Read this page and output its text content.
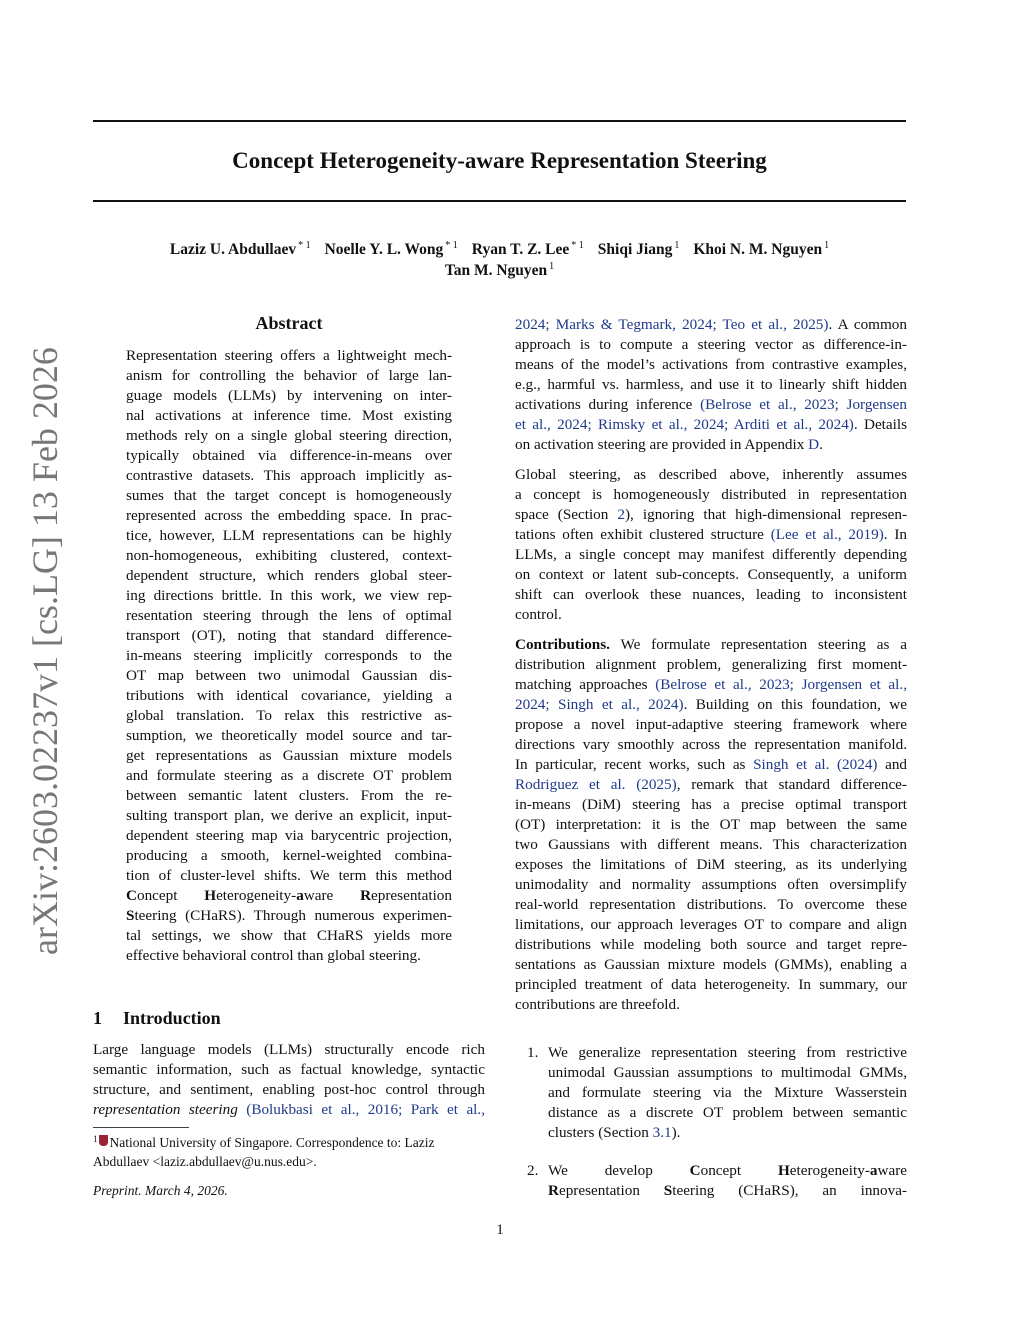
Concept Heterogeneity-aware Representation Steering
Laziz U. Abdullaev $^{* 1}$ Noelle Y. L. Wong $^{* 1}$ Ryan T. Z. Lee $^{* 1}$ Shiqi Jiang $^1$ Khoi N. M. Nguyen $^1$
Tan M. Nguyen $^1$
arXiv:2603.02237v1 [cs.LG] 13 Feb 2026
Abstract
Representation steering offers a lightweight mech-
anism for controlling the behavior of large lan-
guage models (LLMs) by intervening on inter-
nal activations at inference time. Most existing
methods rely on a single global steering direction,
typically obtained via difference-in-means over
contrastive datasets. This approach implicitly as-
sumes that the target concept is homogeneously
represented across the embedding space. In prac-
tice, however, LLM representations can be highly
non-homogeneous, exhibiting clustered, context-
dependent structure, which renders global steer-
ing directions brittle. In this work, we view rep-
resentation steering through the lens of optimal
transport (OT), noting that standard difference-
in-means steering implicitly corresponds to the
OT map between two unimodal Gaussian dis-
tributions with identical covariance, yielding a
global translation. To relax this restrictive as-
sumption, we theoretically model source and tar-
get representations as Gaussian mixture models
and formulate steering as a discrete OT problem
between semantic latent clusters. From the re-
sulting transport plan, we derive an explicit, input-
dependent steering map via barycentric projection,
producing a smooth, kernel-weighted combina-
tion of cluster-level shifts. We term this method
Concept Heterogeneity-aware Representation
Steering (CHaRS). Through numerous experimen-
tal settings, we show that CHaRS yields more
effective behavioral control than global steering.
1 Introduction
Large language models (LLMs) structurally encode rich
semantic information, such as factual knowledge, syntactic
structure, and sentiment, enabling post-hoc control through
representation steering (Bolukbasi et al., 2016; Park et al.,
$^1$ National University of Singapore. Correspondence to: Laziz
Abdullaev <laziz.abdullaev@u.nus.edu>.
Preprint. March 4, 2026.
2024; Marks & Tegmark, 2024; Teo et al., 2025). A common
approach is to compute a steering vector as difference-in-
means of the model’s activations from contrastive examples,
e.g., harmful vs. harmless, and use it to linearly shift hidden
activations during inference (Belrose et al., 2023; Jorgensen
et al., 2024; Rimsky et al., 2024; Arditi et al., 2024). Details
on activation steering are provided in Appendix D.
Global steering, as described above, inherently assumes
a concept is homogeneously distributed in representation
space (Section 2), ignoring that high-dimensional represen-
tations often exhibit clustered structure (Lee et al., 2019). In
LLMs, a single concept may manifest differently depending
on context or latent sub-concepts. Consequently, a uniform
shift can overlook these nuances, leading to inconsistent
control.
Contributions. We formulate representation steering as a
distribution alignment problem, generalizing first moment-
matching approaches (Belrose et al., 2023; Jorgensen et al.,
2024; Singh et al., 2024). Building on this foundation, we
propose a novel input-adaptive steering framework where
directions vary smoothly across the representation manifold.
In particular, recent works, such as Singh et al. (2024) and
Rodriguez et al. (2025), remark that standard difference-
in-means (DiM) steering has a precise optimal transport
(OT) interpretation: it is the OT map between the same
two Gaussians with different means. This characterization
exposes the limitations of DiM steering, as its underlying
unimodality and normality assumptions often oversimplify
real-world representation distributions. To overcome these
limitations, our approach leverages OT to compare and align
distributions while modeling both source and target repre-
sentations as Gaussian mixture models (GMMs), enabling a
principled treatment of data heterogeneity. In summary, our
contributions are threefold.
1. We generalize representation steering from restrictive
unimodal Gaussian assumptions to multimodal GMMs,
and formulate steering via the Mixture Wasserstein
distance as a discrete OT problem between semantic
clusters (Section 3.1).
2. We develop Concept Heterogeneity-aware
Representation Steering (CHaRS), an innova-
1
